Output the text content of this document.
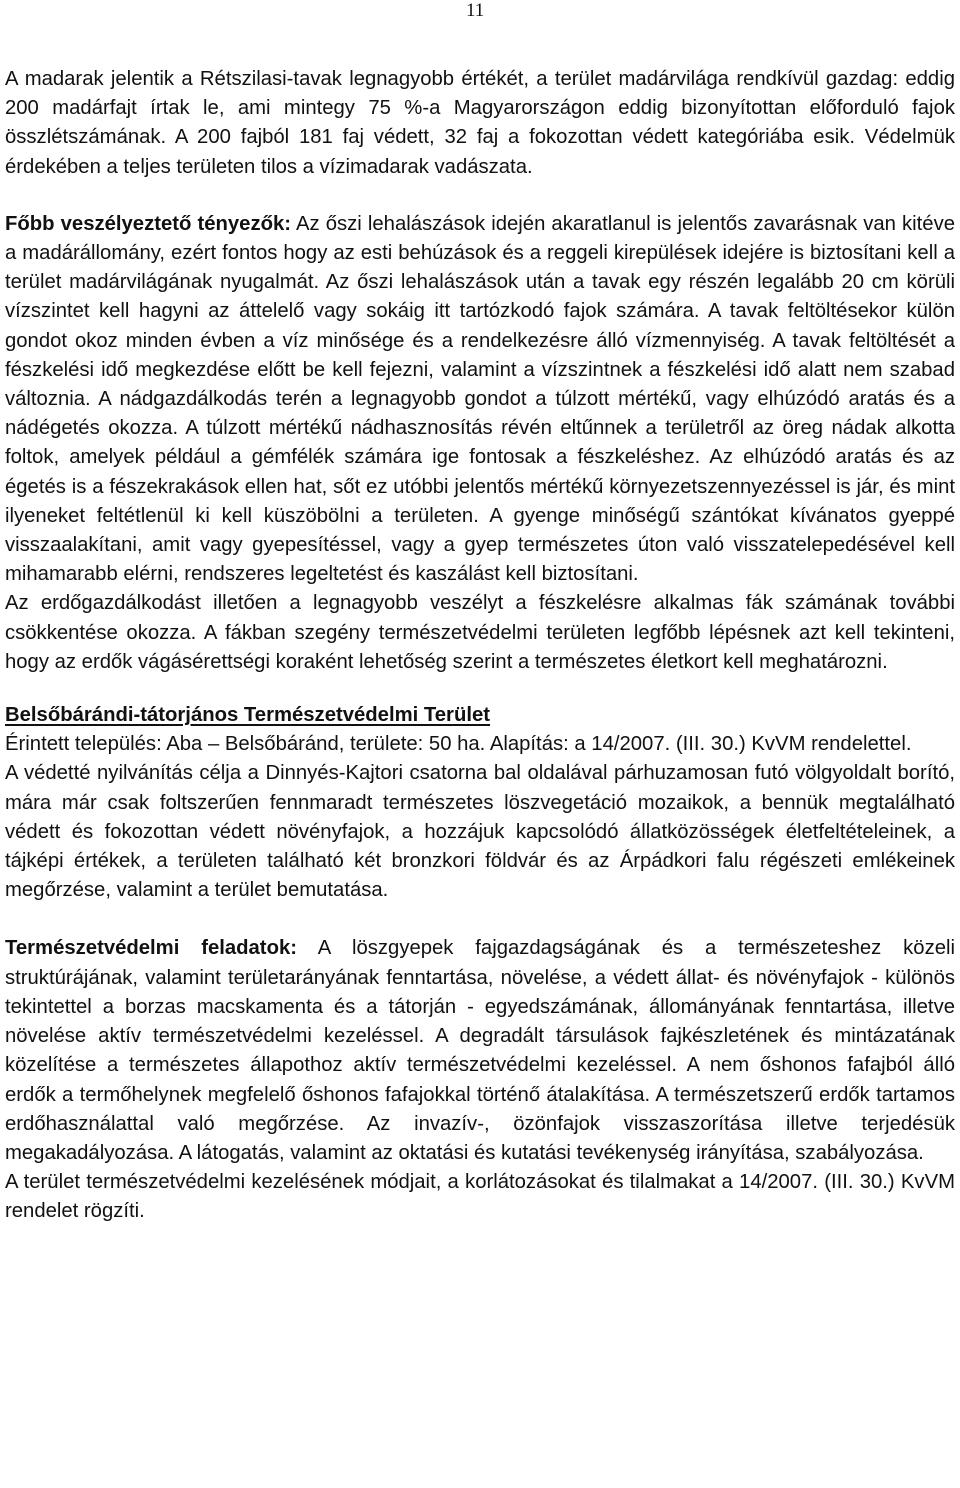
11

A madarak jelentik a Rétszilasi-tavak legnagyobb értékét, a terület madárvilága rendkívül gazdag: eddig 200 madárfajt írtak le, ami mintegy 75 %-a Magyarországon eddig bizonyítottan előforduló fajok összlétszámának. A 200 fajból 181 faj védett, 32 faj a fokozottan védett kategóriába esik. Védelmük érdekében a teljes területen tilos a vízimadarak vadászata.

Főbb veszélyeztető tényezők: Az őszi lehalászások idején akaratlanul is jelentős zavarásnak van kitéve a madárállomány, ezért fontos hogy az esti behúzások és a reggeli kirepülések idejére is biztosítani kell a terület madárvilágának nyugalmát. Az őszi lehalászások után a tavak egy részén legalább 20 cm körüli vízszintet kell hagyni az áttelelő vagy sokáig itt tartózkodó fajok számára. A tavak feltöltésekor külön gondot okoz minden évben a víz minősége és a rendelkezésre álló vízmennyiség. A tavak feltöltését a fészkelési idő megkezdése előtt be kell fejezni, valamint a vízszintnek a fészkelési idő alatt nem szabad változnia. A nádgazdálkodás terén a legnagyobb gondot a túlzott mértékű, vagy elhúzódó aratás és a nádégetés okozza. A túlzott mértékű nádhasznosítás révén eltűnnek a területről az öreg nádak alkotta foltok, amelyek például a gémfélék számára ige fontosak a fészkeléshez. Az elhúzódó aratás és az égetés is a fészekrakások ellen hat, sőt ez utóbbi jelentős mértékű környezetszennyezéssel is jár, és mint ilyeneket feltétlenül ki kell küszöbölni a területen. A gyenge minőségű szántókat kívánatos gyeppé visszaalakítani, amit vagy gyepesítéssel, vagy a gyep természetes úton való visszatelepedésével kell mihamarabb elérni, rendszeres legeltetést és kaszálást kell biztosítani.

Az erdőgazdálkodást illetően a legnagyobb veszélyt a fészkelésre alkalmas fák számának további csökkentése okozza. A fákban szegény természetvédelmi területen legfőbb lépésnek azt kell tekinteni, hogy az erdők vágásérettségi koraként lehetőség szerint a természetes életkort kell meghatározni.

Belsőbárándi-tátorjános Természetvédelmi Terület

Érintett település: Aba – Belsőbáránd, területe: 50 ha. Alapítás: a 14/2007. (III. 30.) KvVM rendelettel.

A védetté nyilvánítás célja a Dinnyés-Kajtori csatorna bal oldalával párhuzamosan futó völgyoldalt borító, mára már csak foltszerűen fennmaradt természetes löszvegetáció mozaikok, a bennük megtalálható védett és fokozottan védett növényfajok, a hozzájuk kapcsolódó állatközösségek életfeltételeinek, a tájképi értékek, a területen található két bronzkori földvár és az Árpádkori falu régészeti emlékeinek megőrzése, valamint a terület bemutatása.

Természetvédelmi feladatok: A löszgyepek fajgazdagságának és a természeteshez közeli struktúrájának, valamint területarányának fenntartása, növelése, a védett állat- és növényfajok - különös tekintettel a borzas macskamenta és a tátorján - egyedszámának, állományának fenntartása, illetve növelése aktív természetvédelmi kezeléssel. A degradált társulások fajkészletének és mintázatának közelítése a természetes állapothoz aktív természetvédelmi kezeléssel. A nem őshonos fafajból álló erdők a termőhelynek megfelelő őshonos fafajokkal történő átalakítása. A természetszerű erdők tartamos erdőhasználattal való megőrzése. Az invazív-, özönfajok visszaszorítása illetve terjedésük megakadályozása. A látogatás, valamint az oktatási és kutatási tevékenység irányítása, szabályozása.

A terület természetvédelmi kezelésének módjait, a korlátozásokat és tilalmakat a 14/2007. (III. 30.) KvVM rendelet rögzíti.
